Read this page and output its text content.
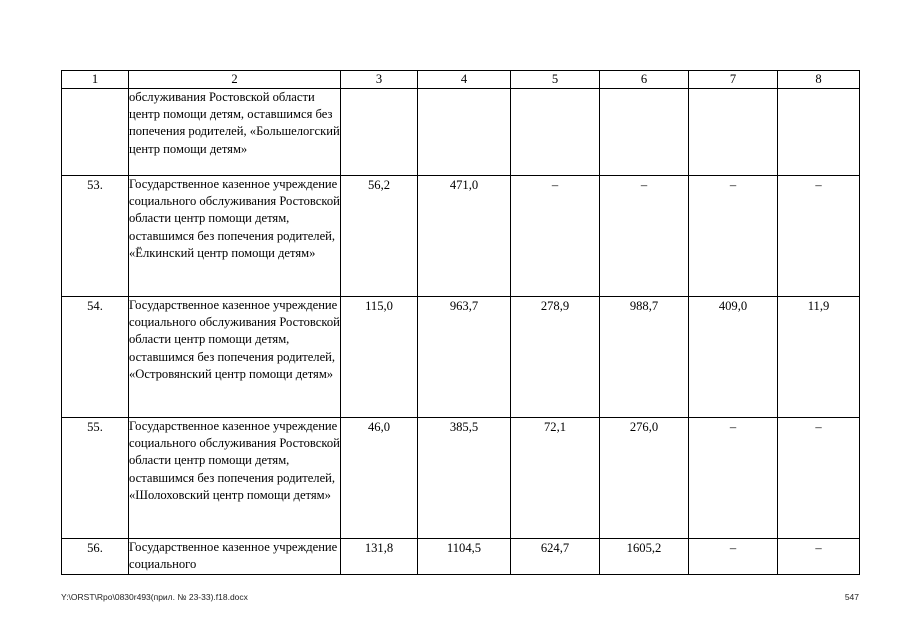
1	2	3	4	5	6	7	8
	обслуживания Ростовской области центр помощи детям, оставшимся без попечения родителей, «Большелогский центр помощи детям»						
53.	Государственное казенное учреждение социального обслуживания Ростовской области центр помощи детям, оставшимся без попечения родителей, «Ёлкинский центр помощи детям»	56,2	471,0	–	–	–	–
54.	Государственное казенное учреждение социального обслуживания Ростовской области центр помощи детям, оставшимся без попечения родителей, «Островянский центр помощи детям»	115,0	963,7	278,9	988,7	409,0	11,9
55.	Государственное казенное учреждение социального обслуживания Ростовской области центр помощи детям, оставшимся без попечения родителей, «Шолоховский центр помощи детям»	46,0	385,5	72,1	276,0	–	–
56.	Государственное казенное учреждение социального	131,8	1104,5	624,7	1605,2	–	–
Y:\ORST\Rpo\0830r493(прил. № 23-33).f18.docx	547
